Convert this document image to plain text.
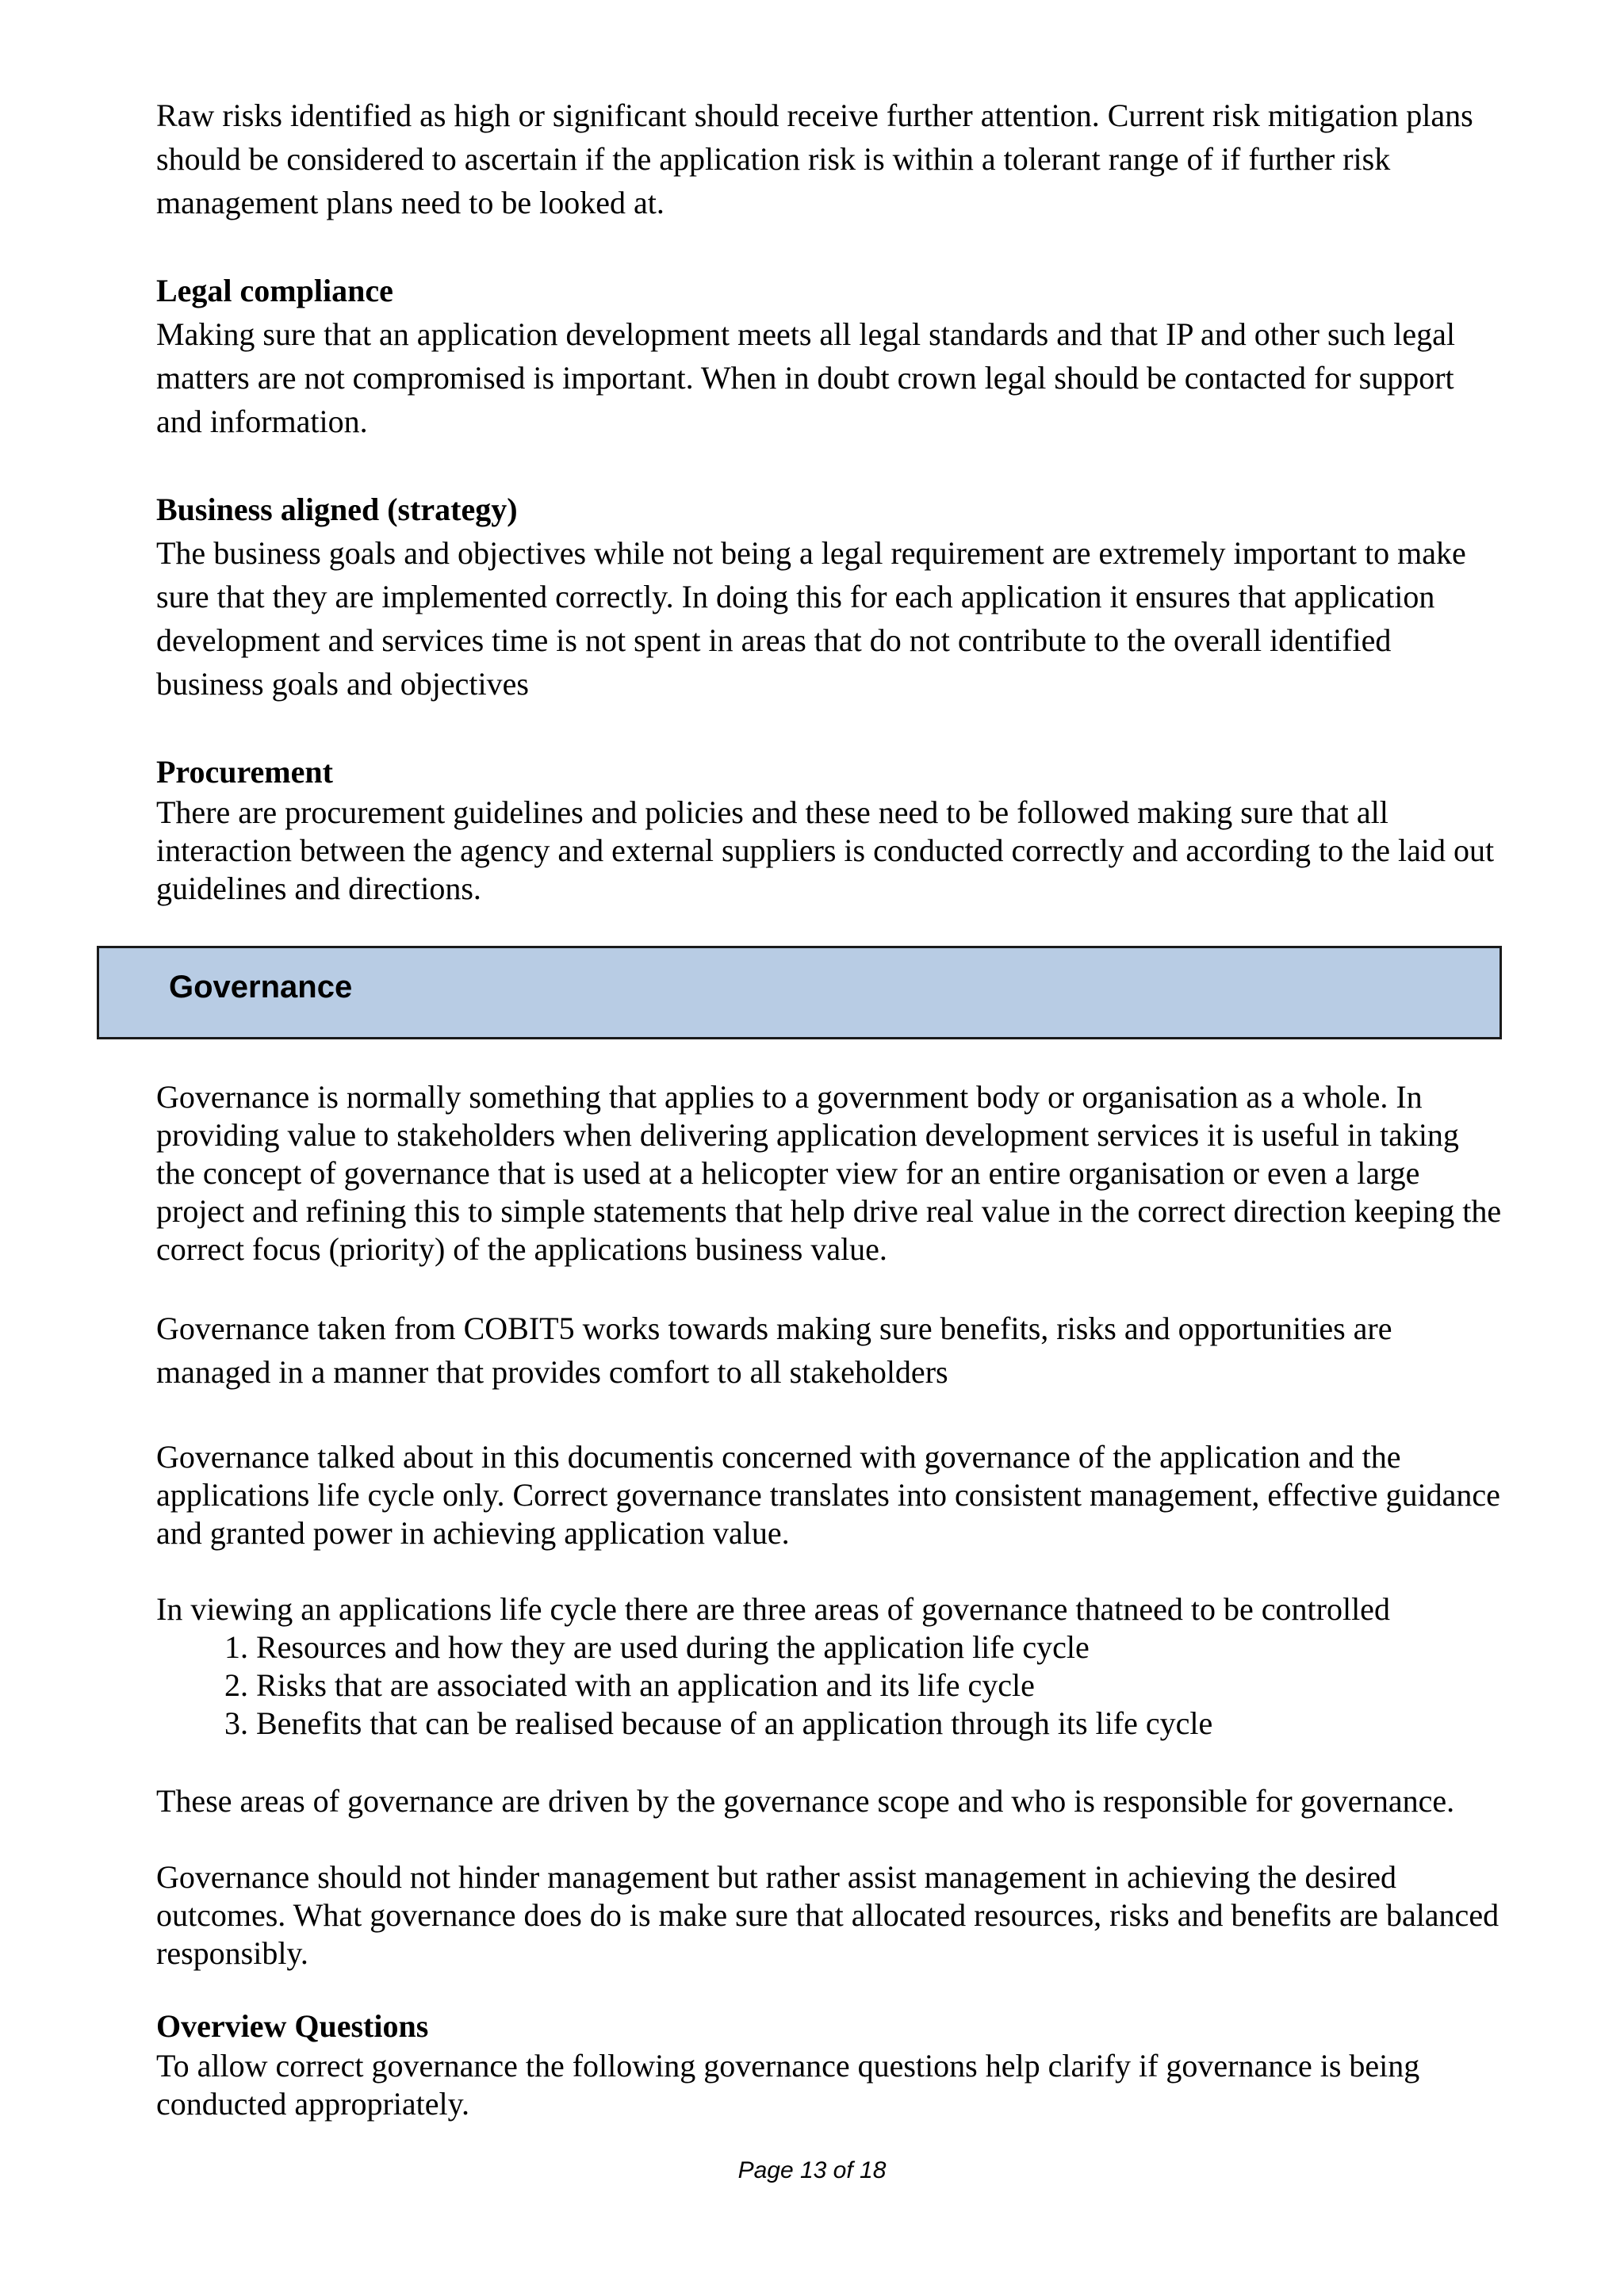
Raw risks identified as high or significant should receive further attention. Current risk mitigation plans should be considered to ascertain if the application risk is within a tolerant range of if further risk management plans need to be looked at.

Legal compliance

Making sure that an application development meets all legal standards and that IP and other such legal matters are not compromised is important. When in doubt crown legal should be contacted for support and information.

Business aligned (strategy)

The business goals and objectives while not being a legal requirement are extremely important to make sure that they are implemented correctly. In doing this for each application it ensures that application development and services time is not spent in areas that do not contribute to the overall identified business goals and objectives

Procurement

There are procurement guidelines and policies and these need to be followed making sure that all interaction between the agency and external suppliers is conducted correctly and according to the laid out guidelines and directions.

Governance

Governance is normally something that applies to a government body or organisation as a whole. In providing value to stakeholders when delivering application development services it is useful in taking the concept of governance that is used at a helicopter view for an entire organisation or even a large project and refining this to simple statements that help drive real value in the correct direction keeping the correct focus (priority) of the applications business value.

Governance taken from COBIT5 works towards making sure benefits, risks and opportunities are managed in a manner that provides comfort to all stakeholders

Governance talked about in this documentis concerned with governance of the application and the applications life cycle only. Correct governance translates into consistent management, effective guidance and granted power in achieving application value.

In viewing an applications life cycle there are three areas of governance thatneed to be controlled

1. Resources and how they are used during the application life cycle
2. Risks that are associated with an application and its life cycle
3. Benefits that can be realised because of an application through its life cycle

These areas of governance are driven by the governance scope and who is responsible for governance.

Governance should not hinder management but rather assist management in achieving the desired outcomes. What governance does do is make sure that allocated resources, risks and benefits are balanced responsibly.

Overview Questions

To allow correct governance the following governance questions help clarify if governance is being conducted appropriately.

Page 13 of 18
